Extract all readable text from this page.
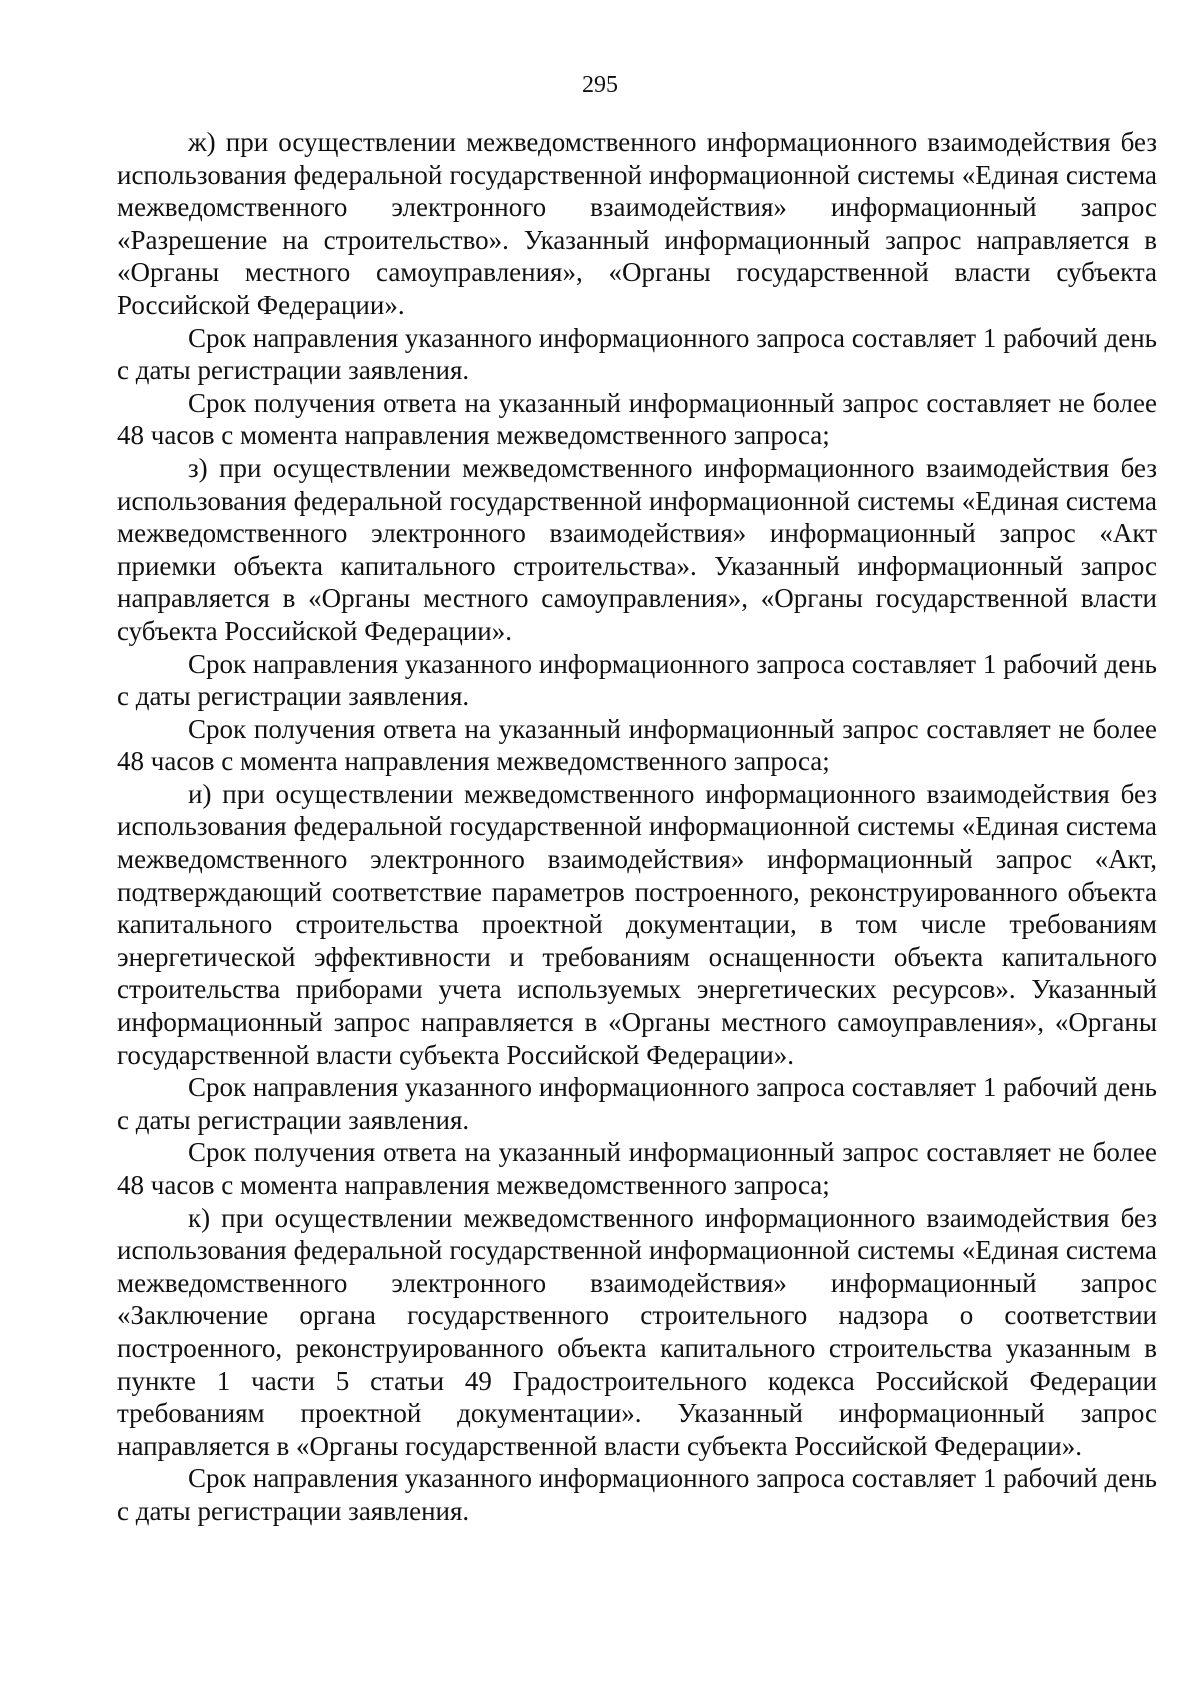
295

ж) при осуществлении межведомственного информационного взаимодействия без использования федеральной государственной информационной системы «Единая система межведомственного электронного взаимодействия» информационный запрос «Разрешение на строительство». Указанный информационный запрос направляется в «Органы местного самоуправления», «Органы государственной власти субъекта Российской Федерации».

Срок направления указанного информационного запроса составляет 1 рабочий день с даты регистрации заявления.

Срок получения ответа на указанный информационный запрос составляет не более 48 часов с момента направления межведомственного запроса;

з) при осуществлении межведомственного информационного взаимодействия без использования федеральной государственной информационной системы «Единая система межведомственного электронного взаимодействия» информационный запрос «Акт приемки объекта капитального строительства». Указанный информационный запрос направляется в «Органы местного самоуправления», «Органы государственной власти субъекта Российской Федерации».

Срок направления указанного информационного запроса составляет 1 рабочий день с даты регистрации заявления.

Срок получения ответа на указанный информационный запрос составляет не более 48 часов с момента направления межведомственного запроса;

и) при осуществлении межведомственного информационного взаимодействия без использования федеральной государственной информационной системы «Единая система межведомственного электронного взаимодействия» информационный запрос «Акт, подтверждающий соответствие параметров построенного, реконструированного объекта капитального строительства проектной документации, в том числе требованиям энергетической эффективности и требованиям оснащенности объекта капитального строительства приборами учета используемых энергетических ресурсов». Указанный информационный запрос направляется в «Органы местного самоуправления», «Органы государственной власти субъекта Российской Федерации».

Срок направления указанного информационного запроса составляет 1 рабочий день с даты регистрации заявления.

Срок получения ответа на указанный информационный запрос составляет не более 48 часов с момента направления межведомственного запроса;

к) при осуществлении межведомственного информационного взаимодействия без использования федеральной государственной информационной системы «Единая система межведомственного электронного взаимодействия» информационный запрос «Заключение органа государственного строительного надзора о соответствии построенного, реконструированного объекта капитального строительства указанным в пункте 1 части 5 статьи 49 Градостроительного кодекса Российской Федерации требованиям проектной документации». Указанный информационный запрос направляется в «Органы государственной власти субъекта Российской Федерации».

Срок направления указанного информационного запроса составляет 1 рабочий день с даты регистрации заявления.
